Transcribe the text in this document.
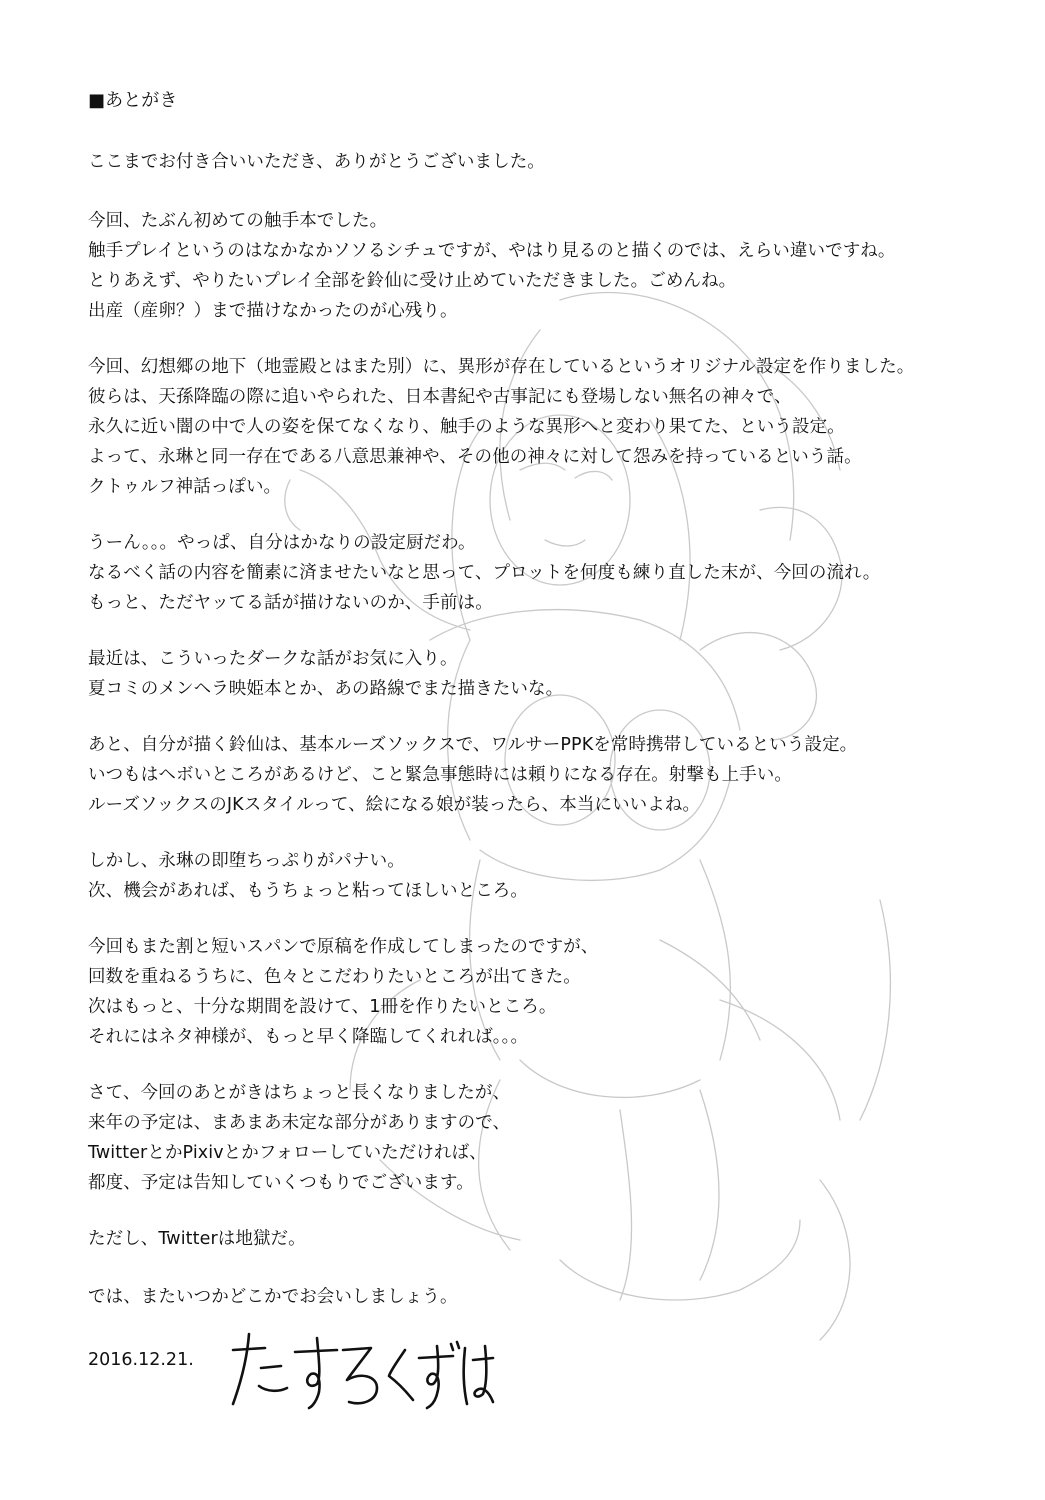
■あとがき
ここまでお付き合いいただき、ありがとうございました。
今回、たぶん初めての触手本でした。
触手プレイというのはなかなかソソるシチュですが、やはり見るのと描くのでは、えらい違いですね。
とりあえず、やりたいプレイ全部を鈴仙に受け止めていただきました。ごめんね。
出産（産卵？）まで描けなかったのが心残り。
今回、幻想郷の地下（地霊殿とはまた別）に、異形が存在しているというオリジナル設定を作りました。
彼らは、天孫降臨の際に追いやられた、日本書紀や古事記にも登場しない無名の神々で、
永久に近い闇の中で人の姿を保てなくなり、触手のような異形へと変わり果てた、という設定。
よって、永琳と同一存在である八意思兼神や、その他の神々に対して怨みを持っているという話。
クトゥルフ神話っぽい。
うーん。。。やっぱ、自分はかなりの設定厨だわ。
なるべく話の内容を簡素に済ませたいなと思って、プロットを何度も練り直した末が、今回の流れ。
もっと、ただヤッてる話が描けないのか、手前は。
最近は、こういったダークな話がお気に入り。
夏コミのメンヘラ映姫本とか、あの路線でまた描きたいな。
あと、自分が描く鈴仙は、基本ルーズソックスで、ワルサーPPKを常時携帯しているという設定。
いつもはヘボいところがあるけど、こと緊急事態時には頼りになる存在。射撃も上手い。
ルーズソックスのJKスタイルって、絵になる娘が装ったら、本当にいいよね。
しかし、永琳の即堕ちっぷりがパナい。
次、機会があれば、もうちょっと粘ってほしいところ。
今回もまた割と短いスパンで原稿を作成してしまったのですが、
回数を重ねるうちに、色々とこだわりたいところが出てきた。
次はもっと、十分な期間を設けて、1冊を作りたいところ。
それにはネタ神様が、もっと早く降臨してくれれば。。。
さて、今回のあとがきはちょっと長くなりましたが、
来年の予定は、まあまあ未定な部分がありますので、
TwitterとかPixivとかフォローしていただければ、
都度、予定は告知していくつもりでございます。
ただし、Twitterは地獄だ。
では、またいつかどこかでお会いしましょう。
2016.12.21.
